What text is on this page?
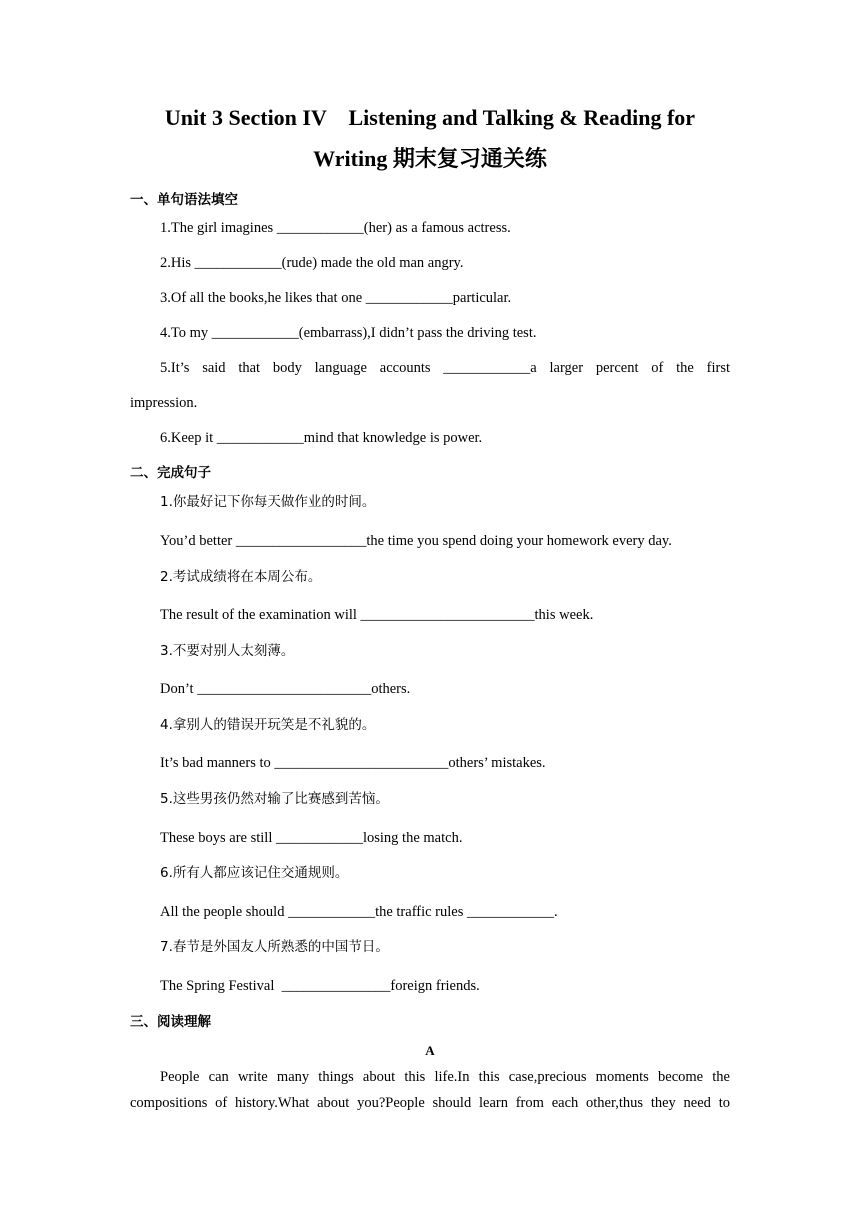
Unit 3 Section IV　Listening and Talking & Reading for
Writing 期末复习通关练
一、单句语法填空
1.The girl imagines ____________(her) as a famous actress.
2.His ____________(rude) made the old man angry.
3.Of all the books,he likes that one ____________particular.
4.To my ____________(embarrass),I didn’t pass the driving test.
5.It’s said that body language accounts ____________a larger percent of the first
impression.
6.Keep it ____________mind that knowledge is power.
二、完成句子
1.你最好记下你每天做作业的时间。
You’d better __________________the time you spend doing your homework every day.
2.考试成绩将在本周公布。
The result of the examination will ________________________this week.
3.不要对别人太刻薄。
Don’t ________________________others.
4.拿别人的错误开玩笑是不礼貌的。
It’s bad manners to ________________________others’ mistakes.
5.这些男孩仍然对输了比赛感到苦恼。
These boys are still ____________losing the match.
6.所有人都应该记住交通规则。
All the people should ____________the traffic rules ____________.
7.春节是外国友人所熟悉的中国节日。
The Spring Festival  _______________foreign friends.
三、阅读理解
A
People can write many things about this life.In this case,precious moments become the
compositions of history.What about you?People should learn from each other,thus they need to
